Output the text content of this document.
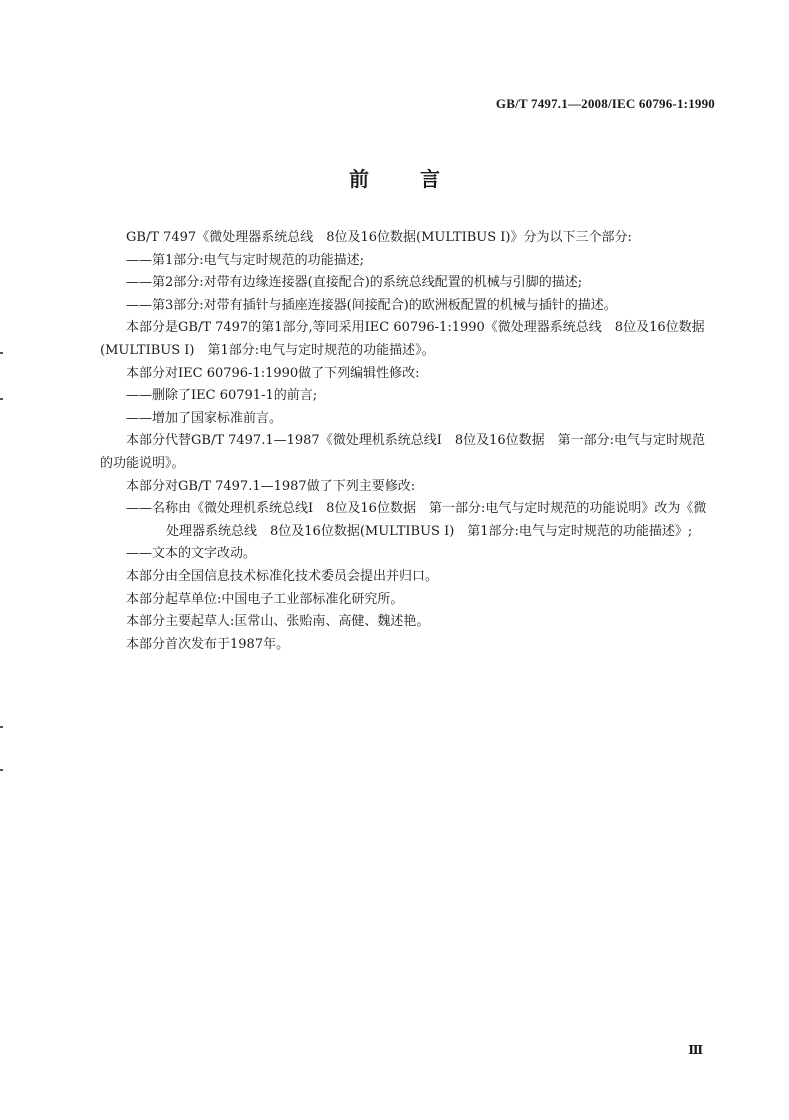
GB/T 7497.1—2008/IEC 60796-1:1990
前 言

GB/T 7497《微处理器系统总线　8位及16位数据(MULTIBUS Ⅰ)》分为以下三个部分:

——第1部分:电气与定时规范的功能描述;

——第2部分:对带有边缘连接器(直接配合)的系统总线配置的机械与引脚的描述;

——第3部分:对带有插针与插座连接器(间接配合)的欧洲板配置的机械与插针的描述。

本部分是GB/T 7497的第1部分,等同采用IEC 60796-1:1990《微处理器系统总线　8位及16位数据(MULTIBUS Ⅰ)　第1部分:电气与定时规范的功能描述》。

本部分对IEC 60796-1:1990做了下列编辑性修改:

——删除了IEC 60791-1的前言;

——增加了国家标准前言。

本部分代替GB/T 7497.1—1987《微处理机系统总线Ⅰ　8位及16位数据　第一部分:电气与定时规范的功能说明》。

本部分对GB/T 7497.1—1987做了下列主要修改:

——名称由《微处理机系统总线Ⅰ　8位及16位数据　第一部分:电气与定时规范的功能说明》改为《微处理器系统总线　8位及16位数据(MULTIBUS Ⅰ)　第1部分:电气与定时规范的功能描述》;

——文本的文字改动。

本部分由全国信息技术标准化技术委员会提出并归口。

本部分起草单位:中国电子工业部标准化研究所。

本部分主要起草人:匡常山、张贻南、高健、魏述艳。

本部分首次发布于1987年。

Ⅲ
